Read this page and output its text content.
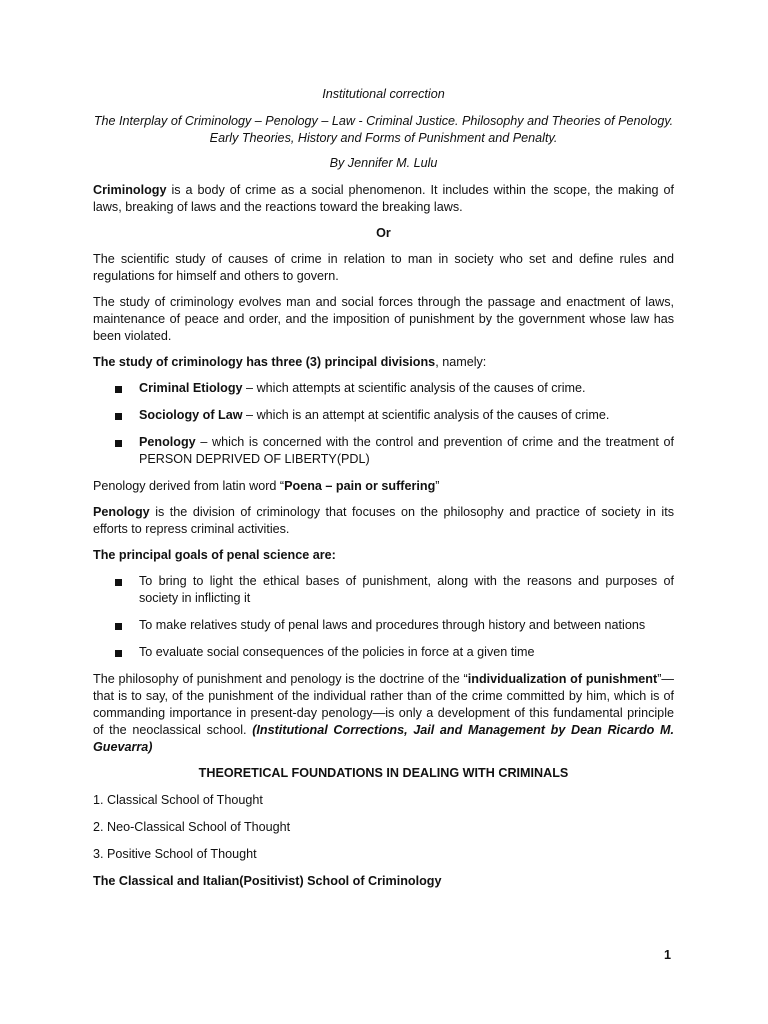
Institutional correction

The Interplay of Criminology – Penology – Law - Criminal Justice. Philosophy and Theories of Penology. Early Theories, History and Forms of Punishment and Penalty.

By Jennifer M. Lulu

Criminology is a body of crime as a social phenomenon. It includes within the scope, the making of laws, breaking of laws and the reactions toward the breaking laws.

Or

The scientific study of causes of crime in relation to man in society who set and define rules and regulations for himself and others to govern.

The study of criminology evolves man and social forces through the passage and enactment of laws, maintenance of peace and order, and the imposition of punishment by the government whose law has been violated.

The study of criminology has three (3) principal divisions, namely:

Criminal Etiology – which attempts at scientific analysis of the causes of crime.
Sociology of Law – which is an attempt at scientific analysis of the causes of crime.
Penology – which is concerned with the control and prevention of crime and the treatment of PERSON DEPRIVED OF LIBERTY(PDL)

Penology derived from latin word “Poena – pain or suffering”

Penology is the division of criminology that focuses on the philosophy and practice of society in its efforts to repress criminal activities.

The principal goals of penal science are:

To bring to light the ethical bases of punishment, along with the reasons and purposes of society in inflicting it
To make relatives study of penal laws and procedures through history and between nations
To evaluate social consequences of the policies in force at a given time

The philosophy of punishment and penology is the doctrine of the “individualization of punishment”—that is to say, of the punishment of the individual rather than of the crime committed by him, which is of commanding importance in present-day penology—is only a development of this fundamental principle of the neoclassical school. (Institutional Corrections, Jail and Management by Dean Ricardo M. Guevarra)

THEORETICAL FOUNDATIONS IN DEALING WITH CRIMINALS

1. Classical School of Thought

2. Neo-Classical School of Thought

3. Positive School of Thought

The Classical and Italian(Positivist) School of Criminology

1
